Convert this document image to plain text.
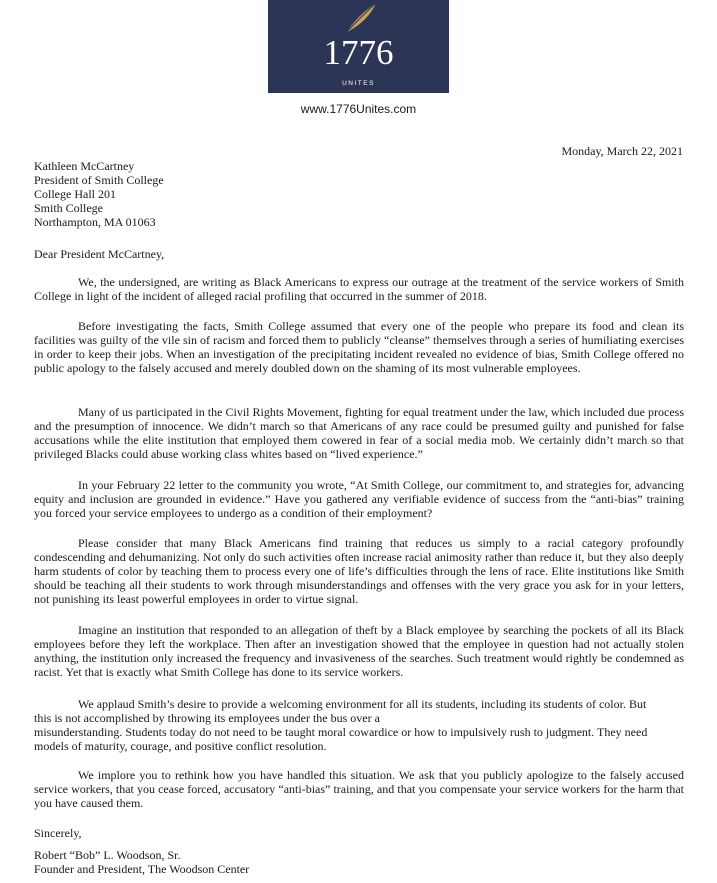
1776
UNITES
www.1776Unites.com
Monday, March 22, 2021
Kathleen McCartney
President of Smith College
College Hall 201
Smith College
Northampton, MA 01063
Dear President McCartney,
We, the undersigned, are writing as Black Americans to express our outrage at the treatment of the service workers of Smith College in light of the incident of alleged racial profiling that occurred in the summer of 2018.
Before investigating the facts, Smith College assumed that every one of the people who prepare its food and clean its facilities was guilty of the vile sin of racism and forced them to publicly “cleanse” themselves through a series of humiliating exercises in order to keep their jobs. When an investigation of the precipitating incident revealed no evidence of bias, Smith College offered no public apology to the falsely accused and merely doubled down on the shaming of its most vulnerable employees.
Many of us participated in the Civil Rights Movement, fighting for equal treatment under the law, which included due process and the presumption of innocence. We didn’t march so that Americans of any race could be presumed guilty and punished for false accusations while the elite institution that employed them cowered in fear of a social media mob. We certainly didn’t march so that privileged Blacks could abuse working class whites based on “lived experience.”
In your February 22 letter to the community you wrote, “At Smith College, our commitment to, and strategies for, advancing equity and inclusion are grounded in evidence.” Have you gathered any verifiable evidence of success from the “anti-bias” training you forced your service employees to undergo as a condition of their employment?
Please consider that many Black Americans find training that reduces us simply to a racial category profoundly condescending and dehumanizing. Not only do such activities often increase racial animosity rather than reduce it, but they also deeply harm students of color by teaching them to process every one of life’s difficulties through the lens of race. Elite institutions like Smith should be teaching all their students to work through misunderstandings and offenses with the very grace you ask for in your letters, not punishing its least powerful employees in order to virtue signal.
Imagine an institution that responded to an allegation of theft by a Black employee by searching the pockets of all its Black employees before they left the workplace. Then after an investigation showed that the employee in question had not actually stolen anything, the institution only increased the frequency and invasiveness of the searches. Such treatment would rightly be condemned as racist. Yet that is exactly what Smith College has done to its service workers.
We applaud Smith’s desire to provide a welcoming environment for all its students, including its students of color. But
this is not accomplished by throwing its employees under the bus over a
misunderstanding. Students today do not need to be taught moral cowardice or how to impulsively rush to judgment. They need
models of maturity, courage, and positive conflict resolution.
We implore you to rethink how you have handled this situation. We ask that you publicly apologize to the falsely accused service workers, that you cease forced, accusatory “anti-bias” training, and that you compensate your service workers for the harm that you have caused them.
Sincerely,
Robert “Bob” L. Woodson, Sr.
Founder and President, The Woodson Center
